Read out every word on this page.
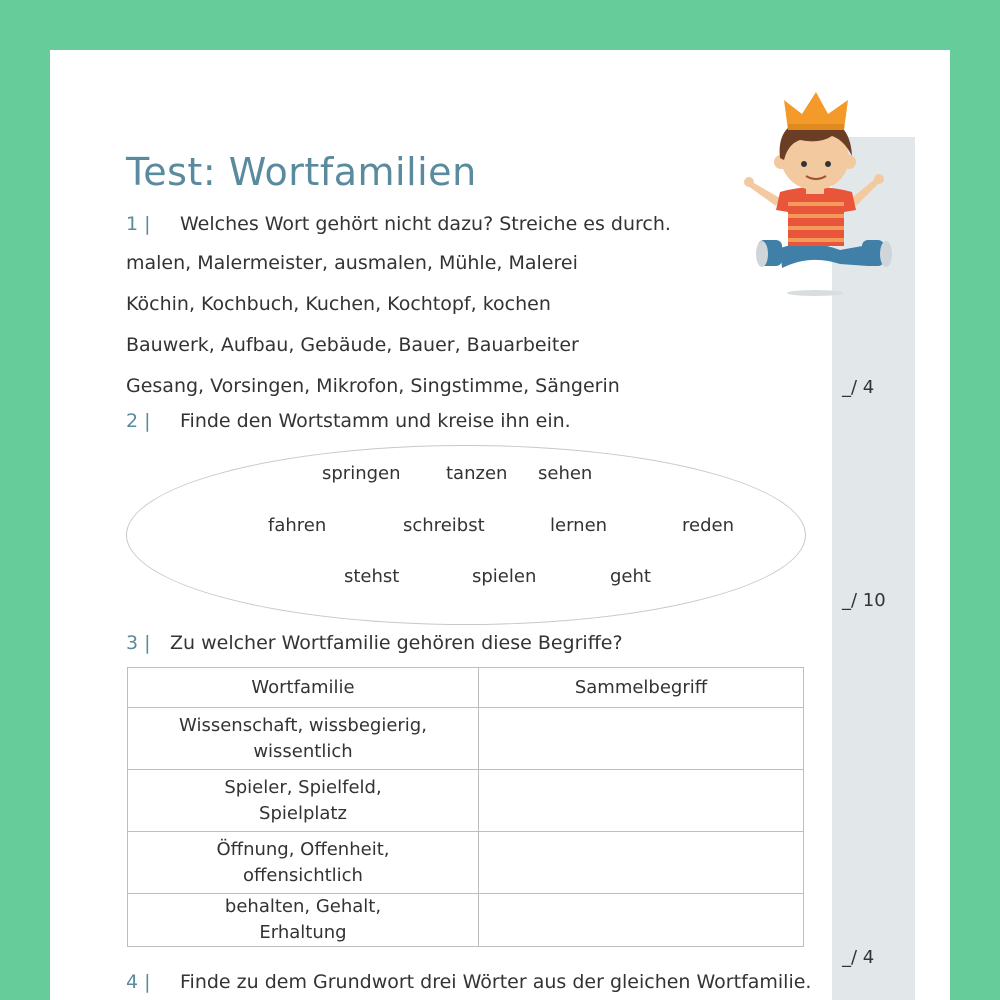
Test: Wortfamilien
1 | Welches Wort gehört nicht dazu? Streiche es durch.
malen, Malermeister, ausmalen, Mühle, Malerei
Köchin, Kochbuch, Kuchen, Kochtopf, kochen
Bauwerk, Aufbau, Gebäude, Bauer, Bauarbeiter
Gesang, Vorsingen, Mikrofon, Singstimme, Sängerin	_/ 4
2 | Finde den Wortstamm und kreise ihn ein.
springen	tanzen sehen
fahren	schreibst	lernen	reden
stehst	spielen	geht
_/ 10
3 | Zu welcher Wortfamilie gehören diese Begriffe?
Wortfamilie	Sammelbegriff
Wissenschaft, wissbegierig,
wissentlich	
Spieler, Spielfeld,
Spielplatz	
Öffnung, Offenheit,
offensichtlich	
behalten, Gehalt,
Erhaltung	
_/ 4
4 | Finde zu dem Grundwort drei Wörter aus der gleichen Wortfamilie.
